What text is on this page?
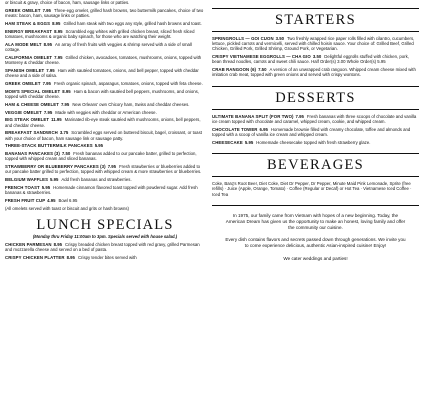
or biscuit & gravy, choice of bacon, ham, sausage links or patties.
GREEK OMELET 7.95 Three-egg omelet, grilled hash browns, two buttermilk pancakes, choice of two meats: bacon, ham, sausage links or patties.
HAM STEAK & EGGS 8.95 Grilled ham steak with two eggs any style, grilled hash browns and toast.
ENERGY BREAKFAST 8.95 Scrambled egg whites with grilled chicken breast, sliced fresh sliced tomatoes, mushrooms & organic baby spinach, for those who are watching their weight.
ALA MODE MELT 8.95 An array of fresh fruits with veggies & shrimp served with a side of small cottage.
CALIFORNIA OMELET 7.95 Grilled chicken, avocadoes, tomatoes, mushrooms, onions, topped with Monterey & cheddar cheese.
SPANISH OMELET 7.95 Ham with sautéed tomatoes, onions, and bell pepper, topped with cheddar cheese and a side of salsa.
GREEK OMELET 7.95 Fresh organic spinach, asparagus, tomatoes, onions, topped with feta cheese.
MOM'S SPECIAL OMELET 8.95 Ham & bacon with sautéed bell peppers, mushrooms, and onions, topped with cheddar cheese.
HAM & CHEESE OMELET 7.95 New Orleans' own Chicory ham, Swiss and cheddar cheeses.
VEGGIE OMELET 7.95 Made with veggies with cheddar or American cheese.
BIG STEAK OMELET 11.95 Marinated rib-eye steak sautéed with mushrooms, onions, bell peppers, and cheddar cheese.
BREAKFAST SANDWICH 3.75 Scrambled eggs served on buttered biscuit, bagel, croissant, or toast with your choice of bacon, ham sausage link or sausage patty.
THREE-STACK BUTTERMILK PANCAKES 5.95
BANANAS PANCAKES (3) 7.50 Fresh bananas added to our pancake batter, grilled to perfection, topped with whipped cream and sliced bananas.
STRAWBERRY OR BLUEBERRY PANCAKES (3) 7.95 Fresh strawberries or blueberries added to our pancake batter grilled to perfection, topped with whipped cream & more strawberries or blueberries.
BELGIUM WAFFLES 5.95 Add fresh bananas and strawberries.
FRENCH TOAST 5.95 Homemade cinnamon flavored toast topped with powdered sugar. Add fresh bananas & strawberries.
FRESH FRUIT CUP 4.95 Bowl 6.95
(All omelets served with toast or biscuit and grits or hash browns)
LUNCH SPECIALS
(Monday thru Friday 11:00am to 3pm. Specials served with house salad.)
CHICKEN PARMESAN 8.95 Crispy breaded chicken breast topped with red gravy, grilled Parmesan and mozzarella cheese and served on a bed of pasta.
CRISPY CHICKEN PLATTER 8.95 Crispy tender bites served with
STARTERS
SPRINGROLLS — GOI CUON 3.50 Two freshly wrapped rice paper rolls filled with cilantro, cucumbers, lettuce, pickled carrots and vermicelli, served with chilled hoisin sauce. Your choice of: Grilled Beef, Grilled Chicken, Grilled Pork, Grilled Shrimp, Ground Pork, or Vegetarian.
CRISPY VIETNAMESE EGGROLLS — CHA GIO 3.50 Delightful eggrolls stuffed with chicken, pork, bean thread noodles, carrots and sweet chili sauce. Half Order(s) 3.00 Whole Order(s) 5.95
CRAB RANGOON (6) 7.50 A version of an unwrapped crab rangoon. Whipped cream cheese mixed with imitation crab meat, topped with green onions and served with crispy wontons.
DESSERTS
ULTIMATE BANANA SPLIT (FOR TWO) 7.95 Fresh bananas with three scoops of chocolate and vanilla ice cream topped with chocolate and caramel, whipped cream, cookie, and whipped cream.
CHOCOLATE TOWER 6.95 Homemade brownie filled with creamy chocolate, toffee and almonds and topped with a scoop of vanilla ice cream and whipped cream.
CHEESECAKE 5.95 Homemade cheesecake topped with fresh strawberry glaze.
BEVERAGES
Coke, Barq's Root Beer, Diet Coke, Diet Dr Pepper, Dr Pepper, Minute Maid Pink Lemonade, Sprite (free refills) · Juice (Apple, Orange, Tomato) · Coffee (Regular or Decaf) or Hot Tea · Vietnamese Iced Coffee · Iced Tea

In 1975, our family came from Vietnam with hopes of a new beginning. Today, the American Dream has given us the opportunity to make an honest, loving family and offer the community our cuisine.

Every dish contains flavors and secrets passed down through generations. We invite you to come experience delicious, authentic Asian-inspired cuisine! Enjoy!

We cater weddings and parties!
